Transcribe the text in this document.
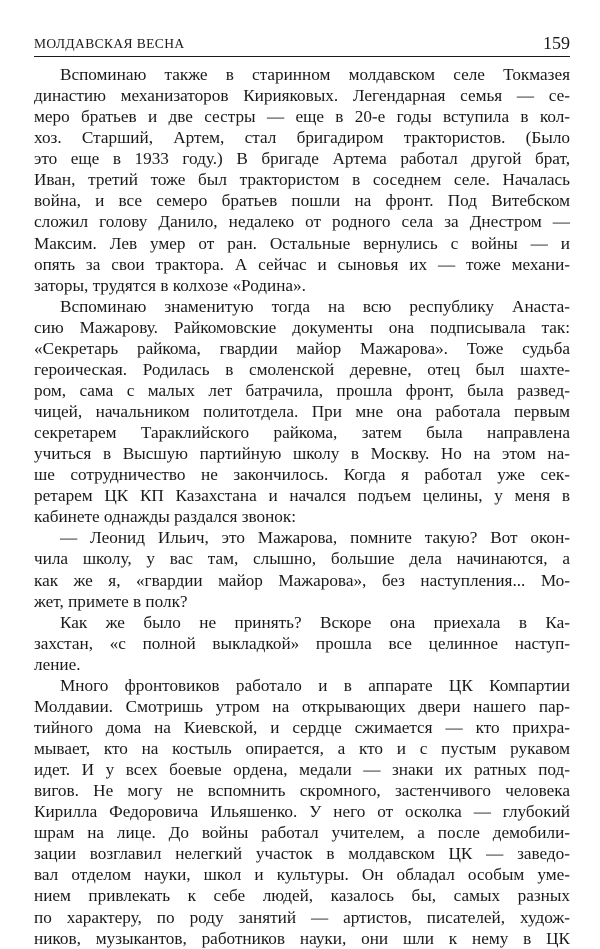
МОЛДАВСКАЯ ВЕСНА	159
Вспоминаю также в старинном молдавском селе Токмазея
династию механизаторов Кирияковых. Легендарная семья — се-
меро братьев и две сестры — еще в 20-е годы вступила в кол-
хоз. Старший, Артем, стал бригадиром трактористов. (Было
это еще в 1933 году.) В бригаде Артема работал другой брат,
Иван, третий тоже был трактористом в соседнем селе. Началась
война, и все семеро братьев пошли на фронт. Под Витебском
сложил голову Данило, недалеко от родного села за Днестром —
Максим. Лев умер от ран. Остальные вернулись с войны — и
опять за свои трактора. А сейчас и сыновья их — тоже механи-
заторы, трудятся в колхозе «Родина».
Вспоминаю знаменитую тогда на всю республику Анаста-
сию Мажарову. Райкомовские документы она подписывала так:
«Секретарь райкома, гвардии майор Мажарова». Тоже судьба
героическая. Родилась в смоленской деревне, отец был шахте-
ром, сама с малых лет батрачила, прошла фронт, была развед-
чицей, начальником политотдела. При мне она работала первым
секретарем Тараклийского райкома, затем была направлена
учиться в Высшую партийную школу в Москву. Но на этом на-
ше сотрудничество не закончилось. Когда я работал уже сек-
ретарем ЦК КП Казахстана и начался подъем целины, у меня в
кабинете однажды раздался звонок:
— Леонид Ильич, это Мажарова, помните такую? Вот окон-
чила школу, у вас там, слышно, большие дела начинаются, а
как же я, «гвардии майор Мажарова», без наступления... Мо-
жет, примете в полк?
Как же было не принять? Вскоре она приехала в Ка-
захстан, «с полной выкладкой» прошла все целинное наступ-
ление.
Много фронтовиков работало и в аппарате ЦК Компартии
Молдавии. Смотришь утром на открывающих двери нашего пар-
тийного дома на Киевской, и сердце сжимается — кто прихра-
мывает, кто на костыль опирается, а кто и с пустым рукавом
идет. И у всех боевые ордена, медали — знаки их ратных под-
вигов. Не могу не вспомнить скромного, застенчивого человека
Кирилла Федоровича Ильяшенко. У него от осколка — глубокий
шрам на лице. До войны работал учителем, а после демобили-
зации возглавил нелегкий участок в молдавском ЦК — заведо-
вал отделом науки, школ и культуры. Он обладал особым уме-
нием привлекать к себе людей, казалось бы, самых разных
по характеру, по роду занятий — артистов, писателей, худож-
ников, музыкантов, работников науки, они шли к нему в ЦК
